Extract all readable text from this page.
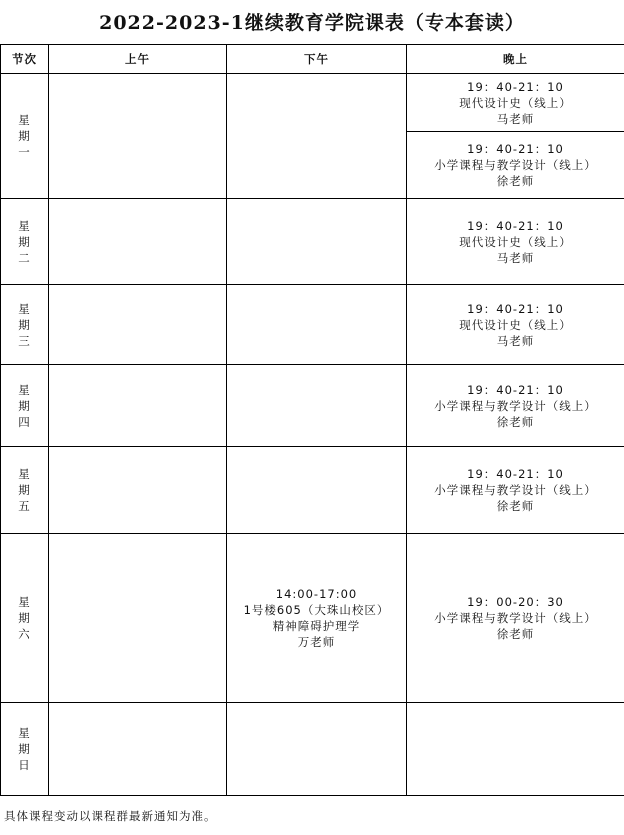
2022-2023-1继续教育学院课表（专本套读）
节次	上午	下午	晚上

星
期
一			19：40-21：10
现代设计史（线上）
马老师

			19：40-21：10
小学课程与教学设计（线上）
徐老师

星
期
二			19：40-21：10
现代设计史（线上）
马老师

星
期
三			19：40-21：10
现代设计史（线上）
马老师

星
期
四			19：40-21：10
小学课程与教学设计（线上）
徐老师

星
期
五			19：40-21：10
小学课程与教学设计（线上）
徐老师

星
期
六		14:00-17:00
1号楼605（大珠山校区）
精神障碍护理学
万老师	19：00-20：30
小学课程与教学设计（线上）
徐老师

星
期
日			

具体课程变动以课程群最新通知为准。
